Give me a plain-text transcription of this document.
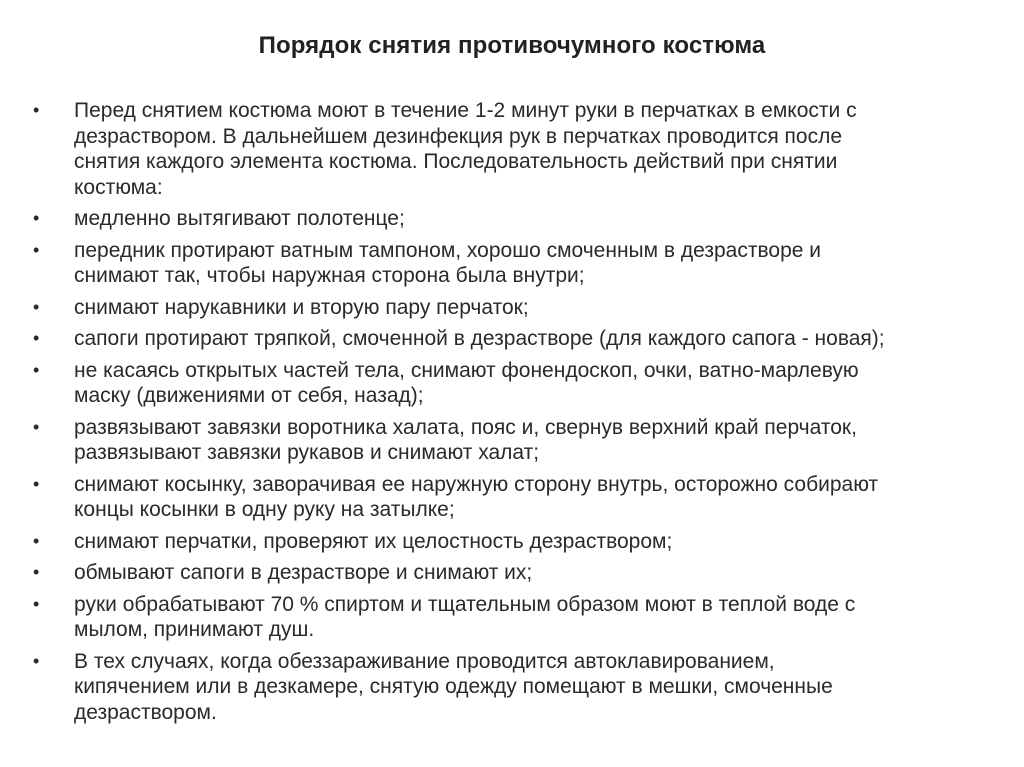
Порядок снятия противочумного костюма
•	Перед снятием костюма моют в течение 1-2 минут руки в перчатках в емкости с
дезраствором. В дальнейшем дезинфекция рук в перчатках проводится после
снятия каждого элемента костюма. Последовательность действий при снятии
костюма:
•	медленно вытягивают полотенце;
•	передник протирают ватным тампоном, хорошо смоченным в дезрастворе и
снимают так, чтобы наружная сторона была внутри;
•	снимают нарукавники и вторую пару перчаток;
•	сапоги протирают тряпкой, смоченной в дезрастворе (для каждого сапога - новая);
•	не касаясь открытых частей тела, снимают фонендоскоп, очки, ватно-марлевую
маску (движениями от себя, назад);
•	развязывают завязки воротника халата, пояс и, свернув верхний край перчаток,
развязывают завязки рукавов и снимают халат;
•	снимают косынку, заворачивая ее наружную сторону внутрь, осторожно собирают
концы косынки в одну руку на затылке;
•	снимают перчатки, проверяют их целостность дезраствором;
•	обмывают сапоги в дезрастворе и снимают их;
•	руки обрабатывают 70 % спиртом и тщательным образом моют в теплой воде с
мылом, принимают душ.
•	В тех случаях, когда обеззараживание проводится автоклавированием,
кипячением или в дезкамере, снятую одежду помещают в мешки, смоченные
дезраствором.
